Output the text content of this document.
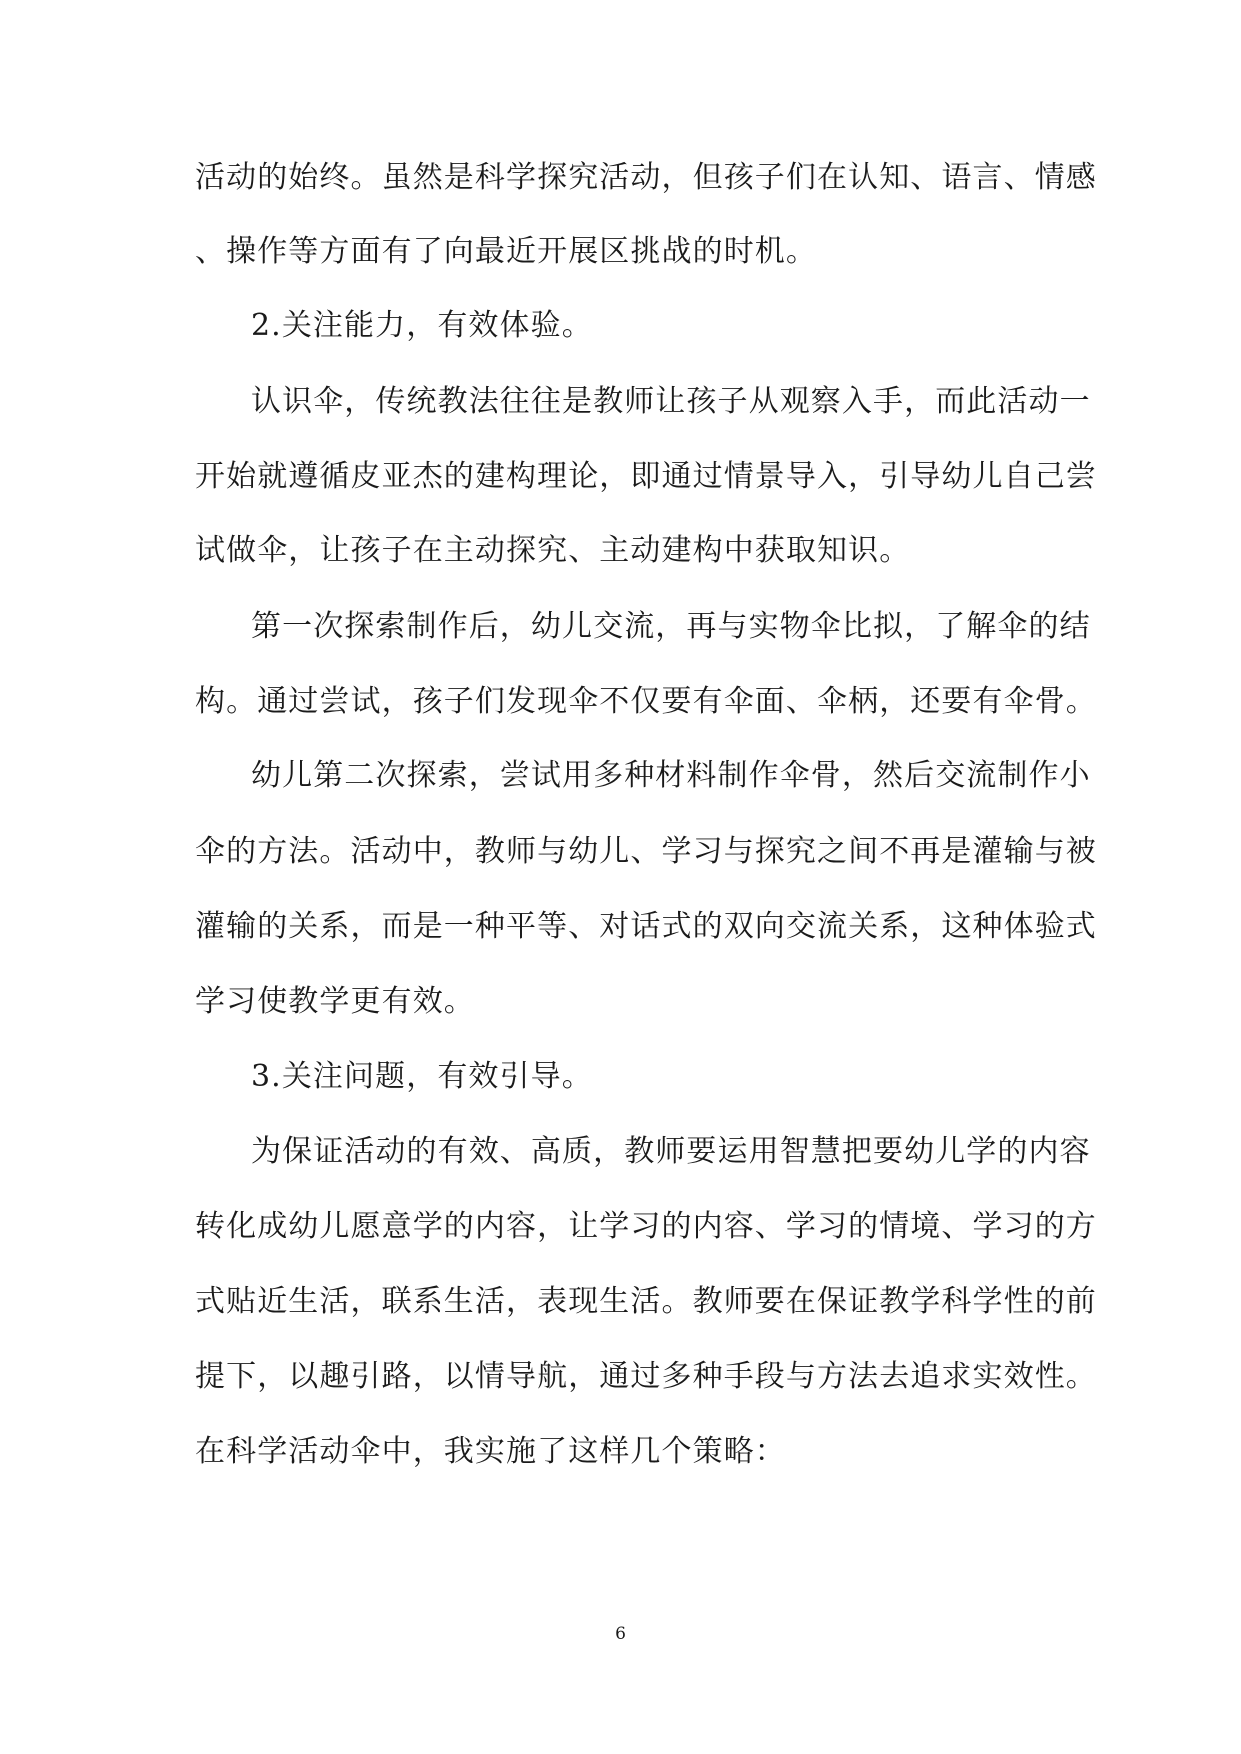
活动的始终。虽然是科学探究活动，但孩子们在认知、语言、情感
、操作等方面有了向最近开展区挑战的时机。
2.关注能力，有效体验。
认识伞，传统教法往往是教师让孩子从观察入手，而此活动一
开始就遵循皮亚杰的建构理论，即通过情景导入，引导幼儿自己尝
试做伞，让孩子在主动探究、主动建构中获取知识。
第一次探索制作后，幼儿交流，再与实物伞比拟，了解伞的结
构。通过尝试，孩子们发现伞不仅要有伞面、伞柄，还要有伞骨。
幼儿第二次探索，尝试用多种材料制作伞骨，然后交流制作小
伞的方法。活动中，教师与幼儿、学习与探究之间不再是灌输与被
灌输的关系，而是一种平等、对话式的双向交流关系，这种体验式
学习使教学更有效。
3.关注问题，有效引导。
为保证活动的有效、高质，教师要运用智慧把要幼儿学的内容
转化成幼儿愿意学的内容，让学习的内容、学习的情境、学习的方
式贴近生活，联系生活，表现生活。教师要在保证教学科学性的前
提下，以趣引路，以情导航，通过多种手段与方法去追求实效性。
在科学活动伞中，我实施了这样几个策略：
6
